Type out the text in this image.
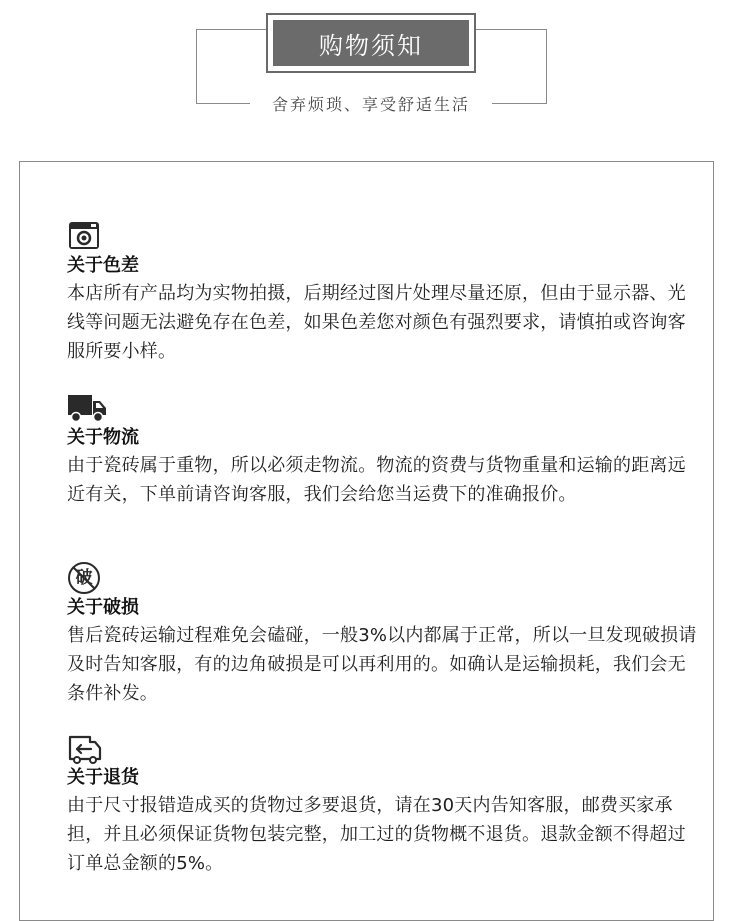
购物须知
舍弃烦琐、享受舒适生活
关于色差

本店所有产品均为实物拍摄，后期经过图片处理尽量还原，但由于显示器、光线等问题无法避免存在色差，如果色差您对颜色有强烈要求，请慎拍或咨询客服所要小样。

关于物流

由于瓷砖属于重物，所以必须走物流。物流的资费与货物重量和运输的距离远近有关，下单前请咨询客服，我们会给您当运费下的准确报价。

破
关于破损

售后瓷砖运输过程难免会磕碰，一般3%以内都属于正常，所以一旦发现破损请及时告知客服，有的边角破损是可以再利用的。如确认是运输损耗，我们会无条件补发。

关于退货

由于尺寸报错造成买的货物过多要退货，请在30天内告知客服，邮费买家承担，并且必须保证货物包装完整，加工过的货物概不退货。退款金额不得超过订单总金额的5%。
